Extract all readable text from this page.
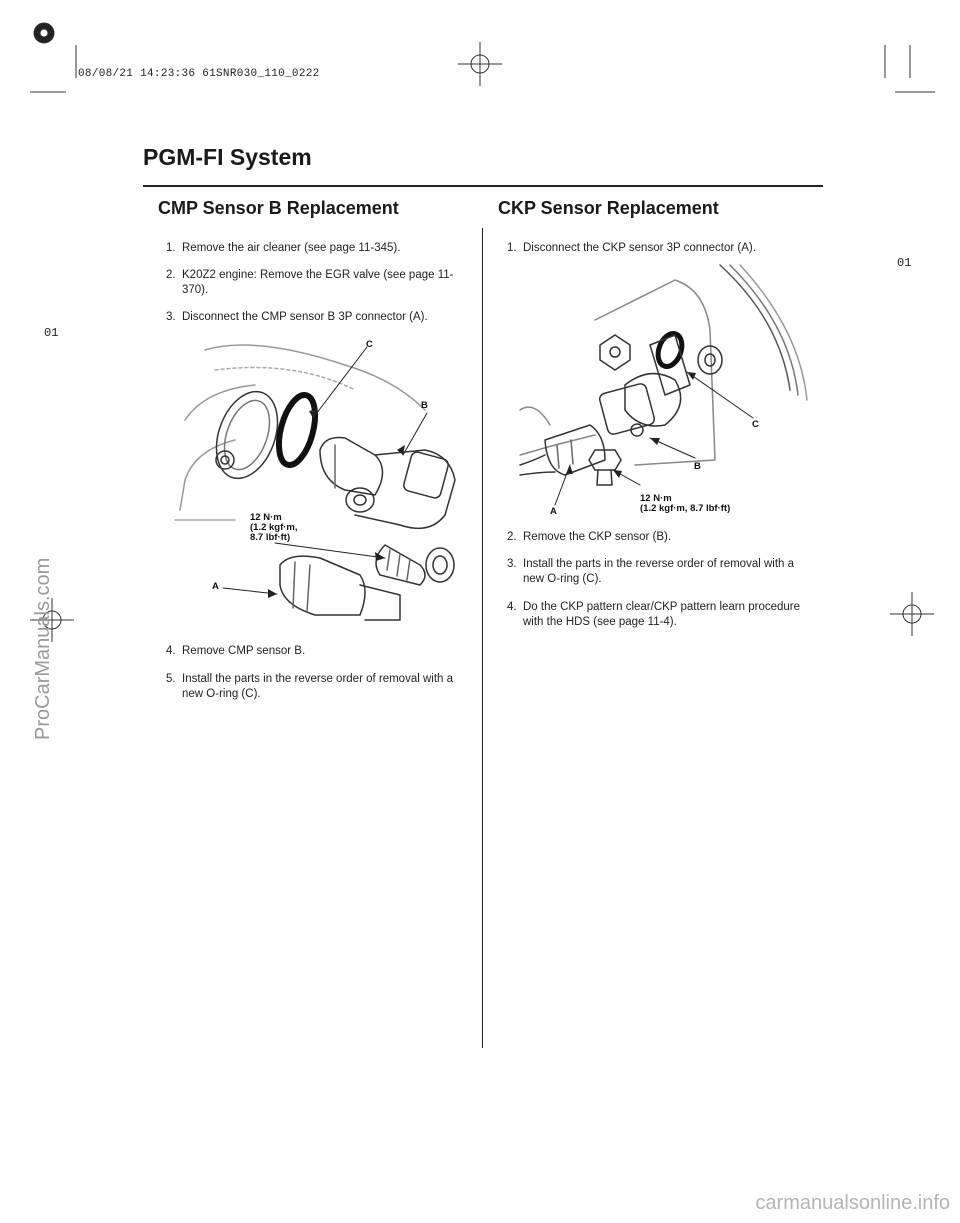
08/08/21 14:23:36 61SNR030_110_0222
01
01
PGM-FI System
CMP Sensor B Replacement	CKP Sensor Replacement
1. Remove the air cleaner (see page 11-345).
2. K20Z2 engine: Remove the EGR valve (see page 11-370).
3. Disconnect the CMP sensor B 3P connector (A).
C
B
A
12 N·m
(1.2 kgf·m,
8.7 lbf·ft)
4. Remove CMP sensor B.
5. Install the parts in the reverse order of removal with a new O-ring (C).
1. Disconnect the CKP sensor 3P connector (A).
C
B
A
12 N·m
(1.2 kgf·m, 8.7 lbf·ft)
2. Remove the CKP sensor (B).
3. Install the parts in the reverse order of removal with a new O-ring (C).
4. Do the CKP pattern clear/CKP pattern learn procedure with the HDS (see page 11-4).
ProCarManuals.com
carmanualsonline.info
